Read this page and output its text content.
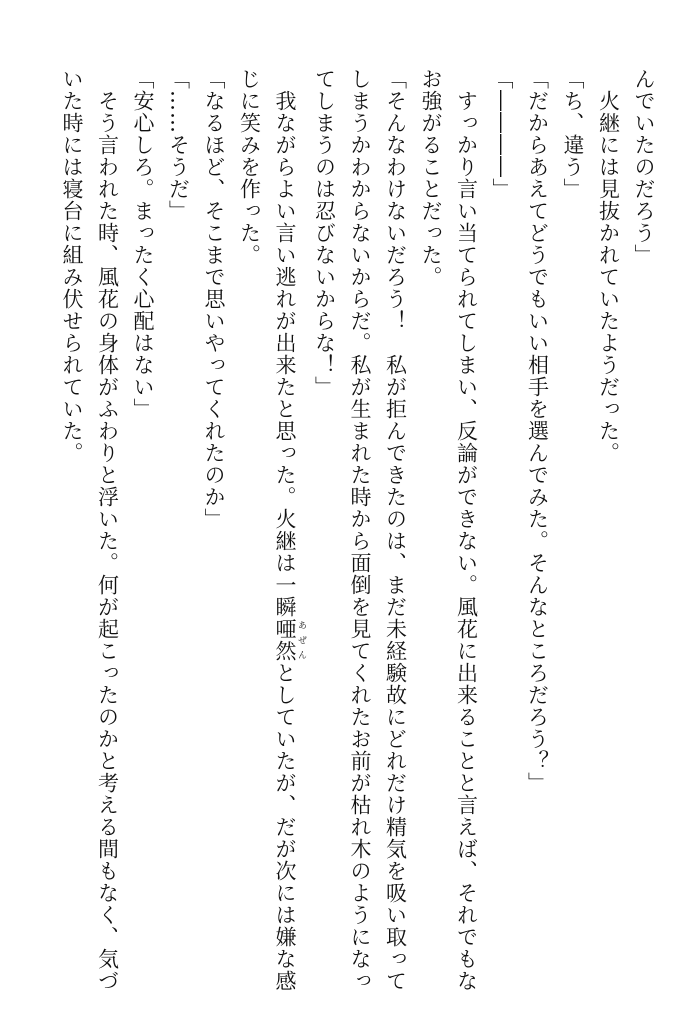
んでいたのだろう」
　火継には見抜かれていたようだった。
「ち、違う」
「だからあえてどうでもいい相手を選んでみた。そんなところだろう？」
「――――」
　すっかり言い当てられてしまい、反論ができない。風花に出来ることと言えば、それでもな
お強がることだった。
「そんなわけないだろう！　私が拒んできたのは、まだ未経験故にどれだけ精気を吸い取って
しまうかわからないからだ。私が生まれた時から面倒を見てくれたお前が枯れ木のようになっ
てしまうのは忍びないからな！」
　我ながらよい言い逃れが出来たと思った。火継は一瞬唖然 あぜんとしていたが、だが次には嫌な感
じに笑みを作った。
「なるほど、そこまで思いやってくれたのか」
「……そうだ」
「安心しろ。まったく心配はない」
　そう言われた時、風花の身体がふわりと浮いた。何が起こったのかと考える間もなく、気づ
いた時には寝台に組み伏せられていた。
